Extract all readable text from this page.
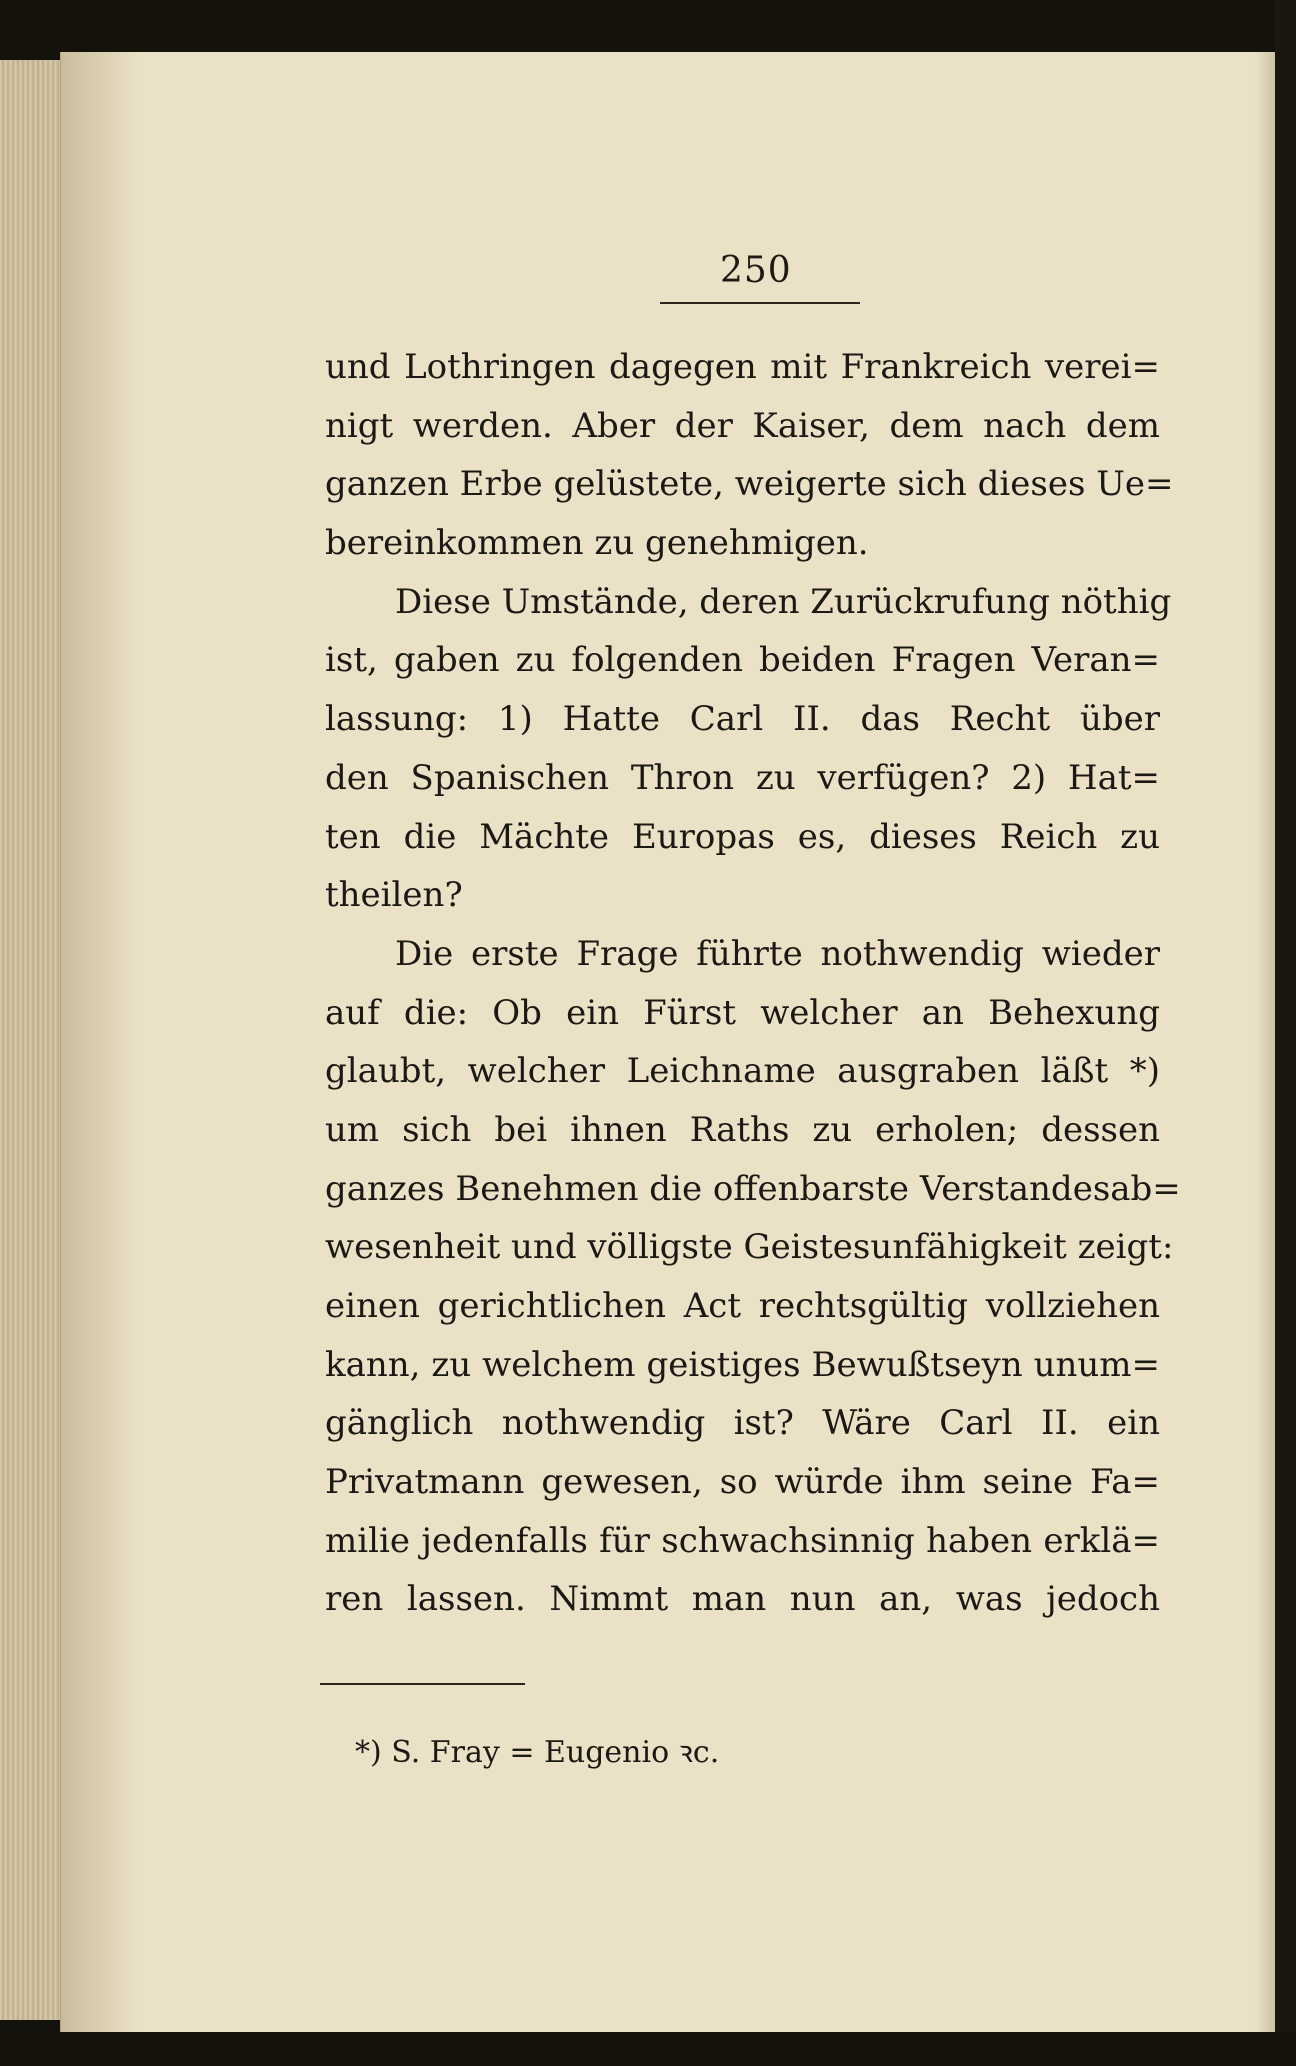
250
und Lothringen dagegen mit Frankreich verei=
nigt werden. Aber der Kaiser, dem nach dem
ganzen Erbe gelüstete, weigerte sich dieses Ue=
bereinkommen zu genehmigen.
Diese Umstände, deren Zurückrufung nöthig
ist, gaben zu folgenden beiden Fragen Veran=
lassung: 1) Hatte Carl II. das Recht über
den Spanischen Thron zu verfügen? 2) Hat=
ten die Mächte Europas es, dieses Reich zu
theilen?
Die erste Frage führte nothwendig wieder
auf die: Ob ein Fürst welcher an Behexung
glaubt, welcher Leichname ausgraben läßt *)
um sich bei ihnen Raths zu erholen; dessen
ganzes Benehmen die offenbarste Verstandesab=
wesenheit und völligste Geistesunfähigkeit zeigt:
einen gerichtlichen Act rechtsgültig vollziehen
kann, zu welchem geistiges Bewußtseyn unum=
gänglich nothwendig ist? Wäre Carl II. ein
Privatmann gewesen, so würde ihm seine Fa=
milie jedenfalls für schwachsinnig haben erklä=
ren lassen. Nimmt man nun an, was jedoch
*) S. Fray = Eugenio ꝛc.
